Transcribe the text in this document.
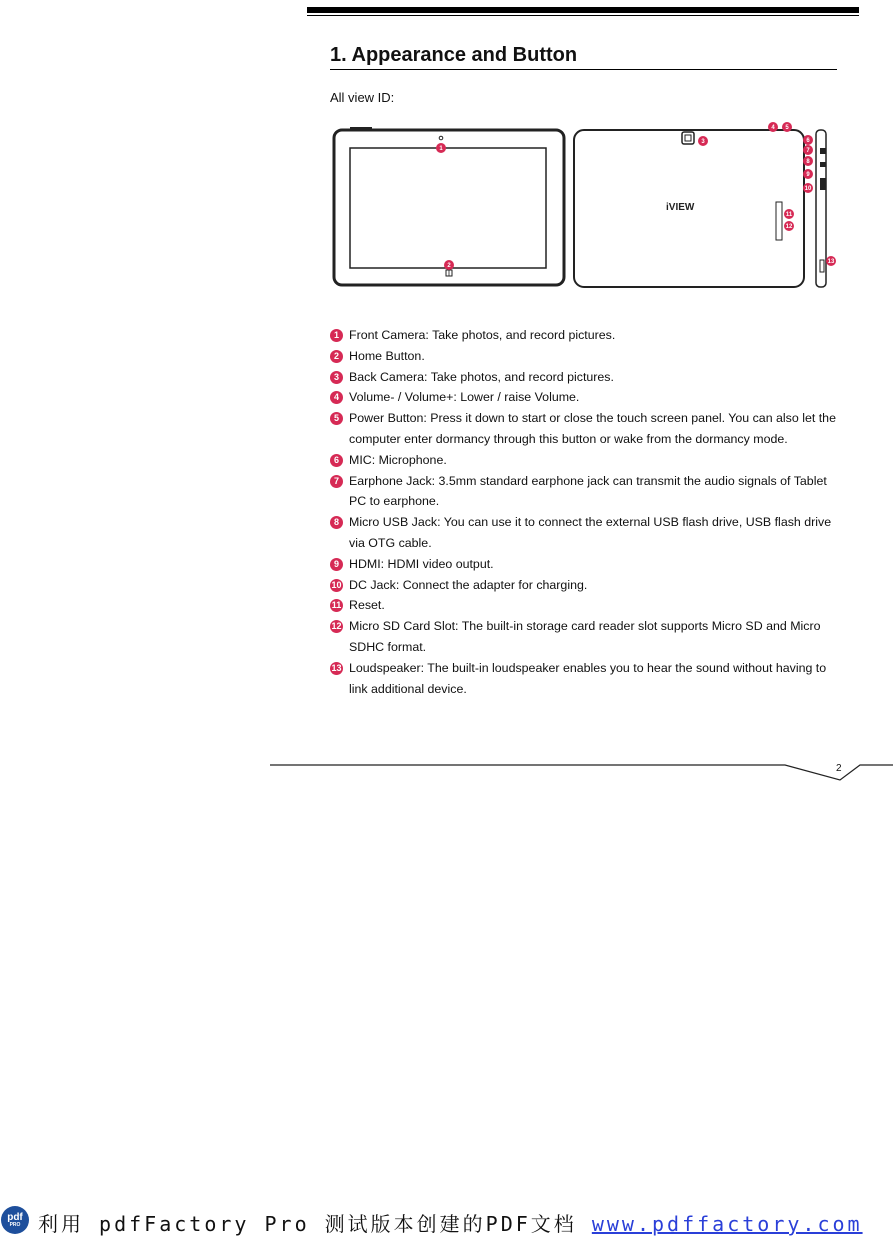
1. Appearance and Button
All view ID:
iVIEW
1
2
3
4 5
6
7
8
9
10
11
12
13
1 Front Camera: Take photos, and record pictures.
2 Home Button.
3 Back Camera: Take photos, and record pictures.
4 Volume- / Volume+: Lower / raise Volume.
5 Power Button: Press it down to start or close the touch screen panel. You can also let the computer enter dormancy through this button or wake from the dormancy mode.
6 MIC: Microphone.
7 Earphone Jack: 3.5mm standard earphone jack can transmit the audio signals of Tablet PC to earphone.
8 Micro USB Jack: You can use it to connect the external USB flash drive, USB flash drive via OTG cable.
9 HDMI: HDMI video output.
10 DC Jack: Connect the adapter for charging.
11 Reset.
12 Micro SD Card Slot: The built-in storage card reader slot supports Micro SD and Micro SDHC format.
13 Loudspeaker: The built-in loudspeaker enables you to hear the sound without having to link additional device.
2
pdf
PRO 利用 pdfFactory Pro 测试版本创建的PDF文档 www.pdffactory.com
